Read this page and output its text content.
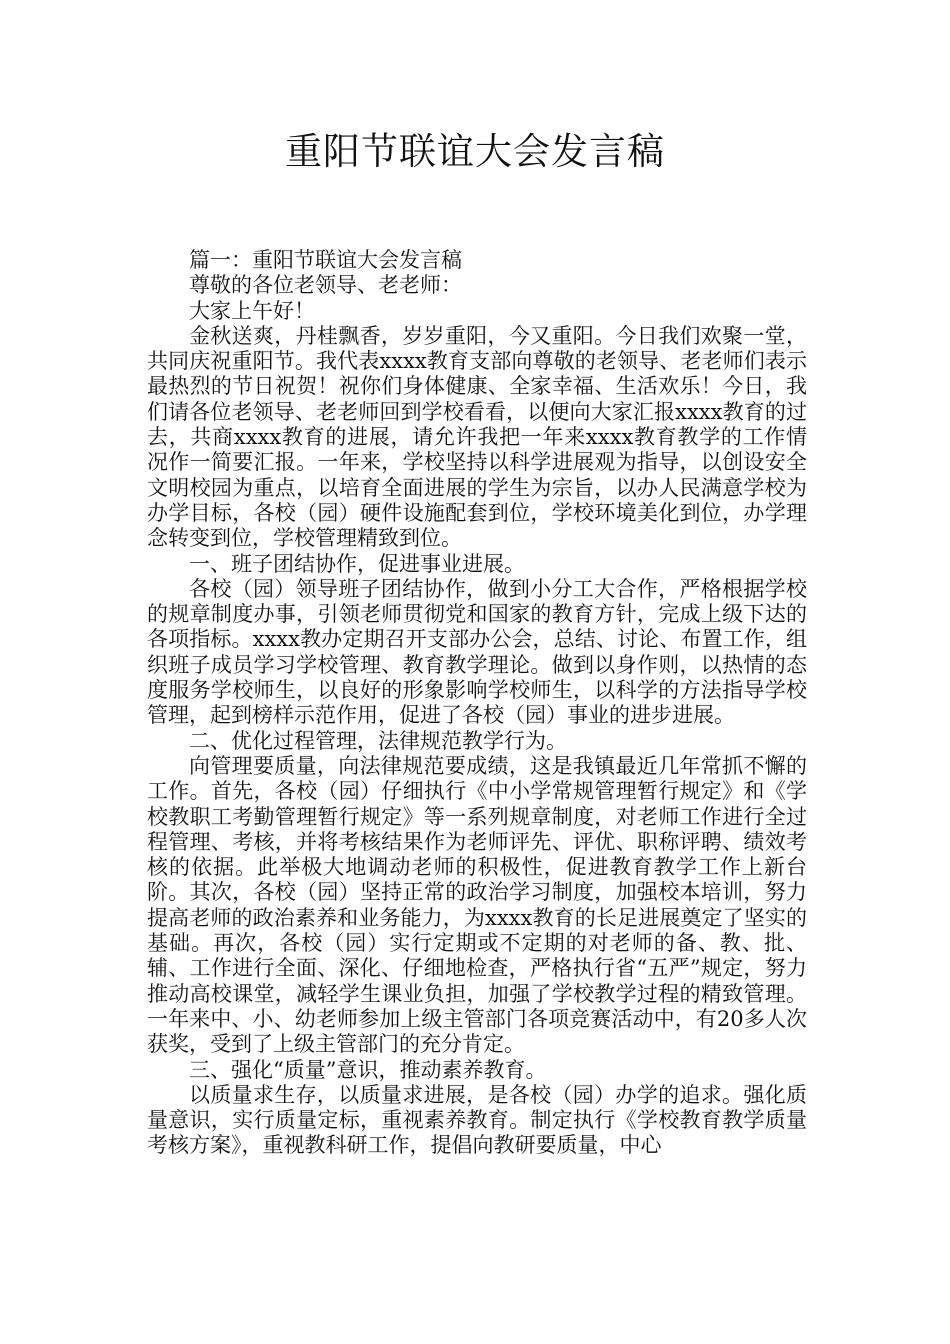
重阳节联谊大会发言稿

篇一：重阳节联谊大会发言稿

尊敬的各位老领导、老老师：

大家上午好！

金秋送爽，丹桂飘香，岁岁重阳，今又重阳。今日我们欢聚一堂，共同庆祝重阳节。我代表xxxx教育支部向尊敬的老领导、老老师们表示最热烈的节日祝贺！祝你们身体健康、全家幸福、生活欢乐！今日，我们请各位老领导、老老师回到学校看看，以便向大家汇报xxxx教育的过去，共商xxxx教育的进展，请允许我把一年来xxxx教育教学的工作情况作一简要汇报。一年来，学校坚持以科学进展观为指导，以创设安全文明校园为重点，以培育全面进展的学生为宗旨，以办人民满意学校为办学目标，各校（园）硬件设施配套到位，学校环境美化到位，办学理念转变到位，学校管理精致到位。

一、班子团结协作，促进事业进展。

各校（园）领导班子团结协作，做到小分工大合作，严格根据学校的规章制度办事，引领老师贯彻党和国家的教育方针，完成上级下达的各项指标。xxxx教办定期召开支部办公会，总结、讨论、布置工作，组织班子成员学习学校管理、教育教学理论。做到以身作则，以热情的态度服务学校师生，以良好的形象影响学校师生，以科学的方法指导学校管理，起到榜样示范作用，促进了各校（园）事业的进步进展。

二、优化过程管理，法律规范教学行为。

向管理要质量，向法律规范要成绩，这是我镇最近几年常抓不懈的工作。首先，各校（园）仔细执行《中小学常规管理暂行规定》和《学校教职工考勤管理暂行规定》等一系列规章制度，对老师工作进行全过程管理、考核，并将考核结果作为老师评先、评优、职称评聘、绩效考核的依据。此举极大地调动老师的积极性，促进教育教学工作上新台阶。其次，各校（园）坚持正常的政治学习制度，加强校本培训，努力提高老师的政治素养和业务能力，为xxxx教育的长足进展奠定了坚实的基础。再次，各校（园）实行定期或不定期的对老师的备、教、批、辅、工作进行全面、深化、仔细地检查，严格执行省“五严”规定，努力推动高校课堂，减轻学生课业负担，加强了学校教学过程的精致管理。一年来中、小、幼老师参加上级主管部门各项竞赛活动中，有20多人次获奖，受到了上级主管部门的充分肯定。

三、强化“质量”意识，推动素养教育。

以质量求生存，以质量求进展，是各校（园）办学的追求。强化质量意识，实行质量定标，重视素养教育。制定执行《学校教育教学质量考核方案》，重视教科研工作，提倡向教研要质量，中心
